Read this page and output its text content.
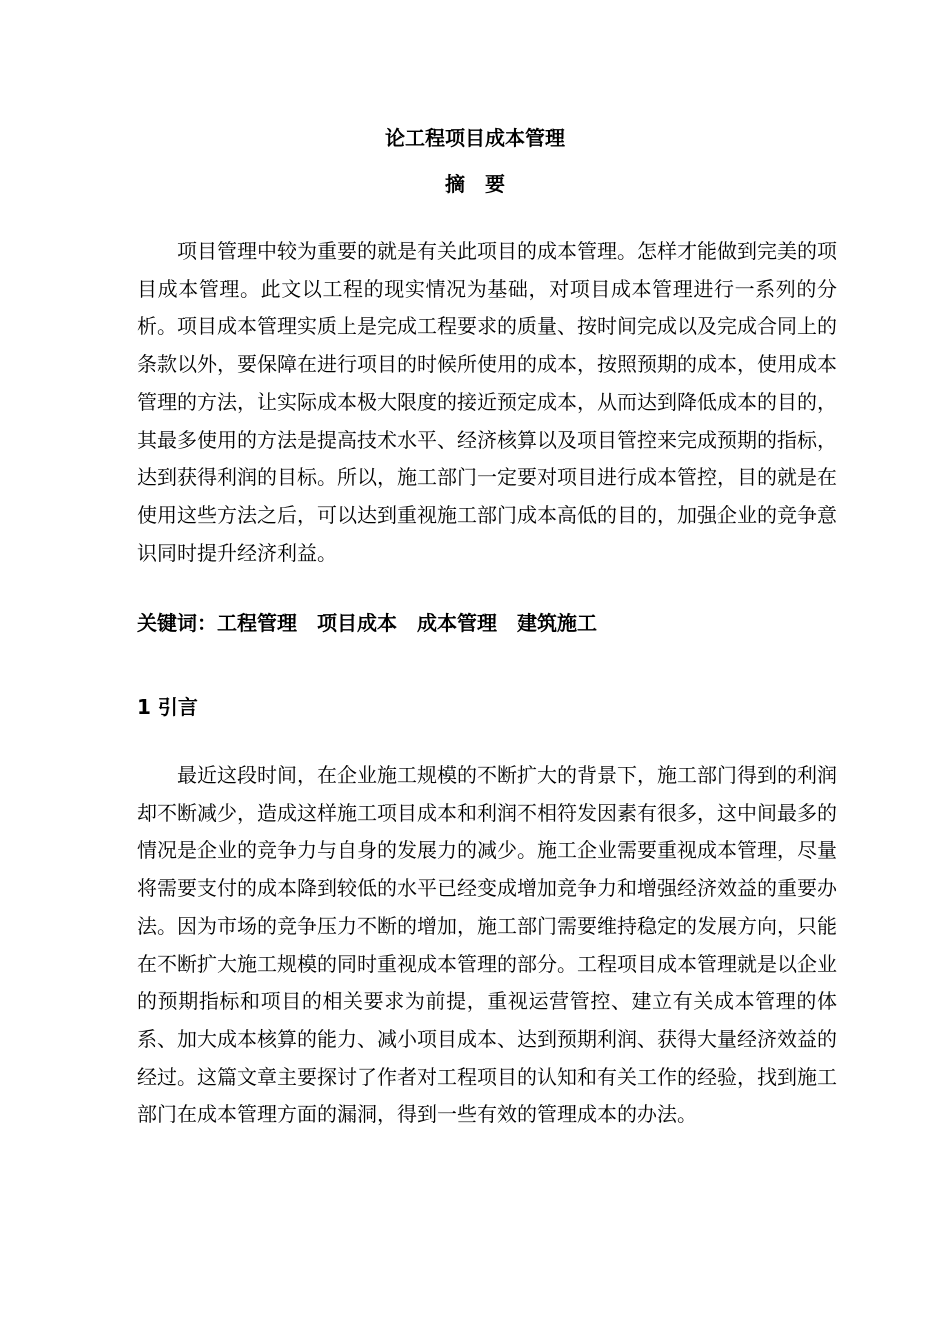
论工程项目成本管理
摘要

项目管理中较为重要的就是有关此项目的成本管理。怎样才能做到完美的项目成本管理。此文以工程的现实情况为基础，对项目成本管理进行一系列的分析。项目成本管理实质上是完成工程要求的质量、按时间完成以及完成合同上的条款以外，要保障在进行项目的时候所使用的成本，按照预期的成本，使用成本管理的方法，让实际成本极大限度的接近预定成本，从而达到降低成本的目的，其最多使用的方法是提高技术水平、经济核算以及项目管控来完成预期的指标，达到获得利润的目标。所以，施工部门一定要对项目进行成本管控，目的就是在使用这些方法之后，可以达到重视施工部门成本高低的目的，加强企业的竞争意识同时提升经济利益。

关键词：工程管理 项目成本 成本管理 建筑施工
1 引言

最近这段时间，在企业施工规模的不断扩大的背景下，施工部门得到的利润却不断减少，造成这样施工项目成本和利润不相符发因素有很多，这中间最多的情况是企业的竞争力与自身的发展力的减少。施工企业需要重视成本管理，尽量将需要支付的成本降到较低的水平已经变成增加竞争力和增强经济效益的重要办法。因为市场的竞争压力不断的增加，施工部门需要维持稳定的发展方向，只能在不断扩大施工规模的同时重视成本管理的部分。工程项目成本管理就是以企业的预期指标和项目的相关要求为前提，重视运营管控、建立有关成本管理的体系、加大成本核算的能力、减小项目成本、达到预期利润、获得大量经济效益的经过。这篇文章主要探讨了作者对工程项目的认知和有关工作的经验，找到施工部门在成本管理方面的漏洞，得到一些有效的管理成本的办法。
